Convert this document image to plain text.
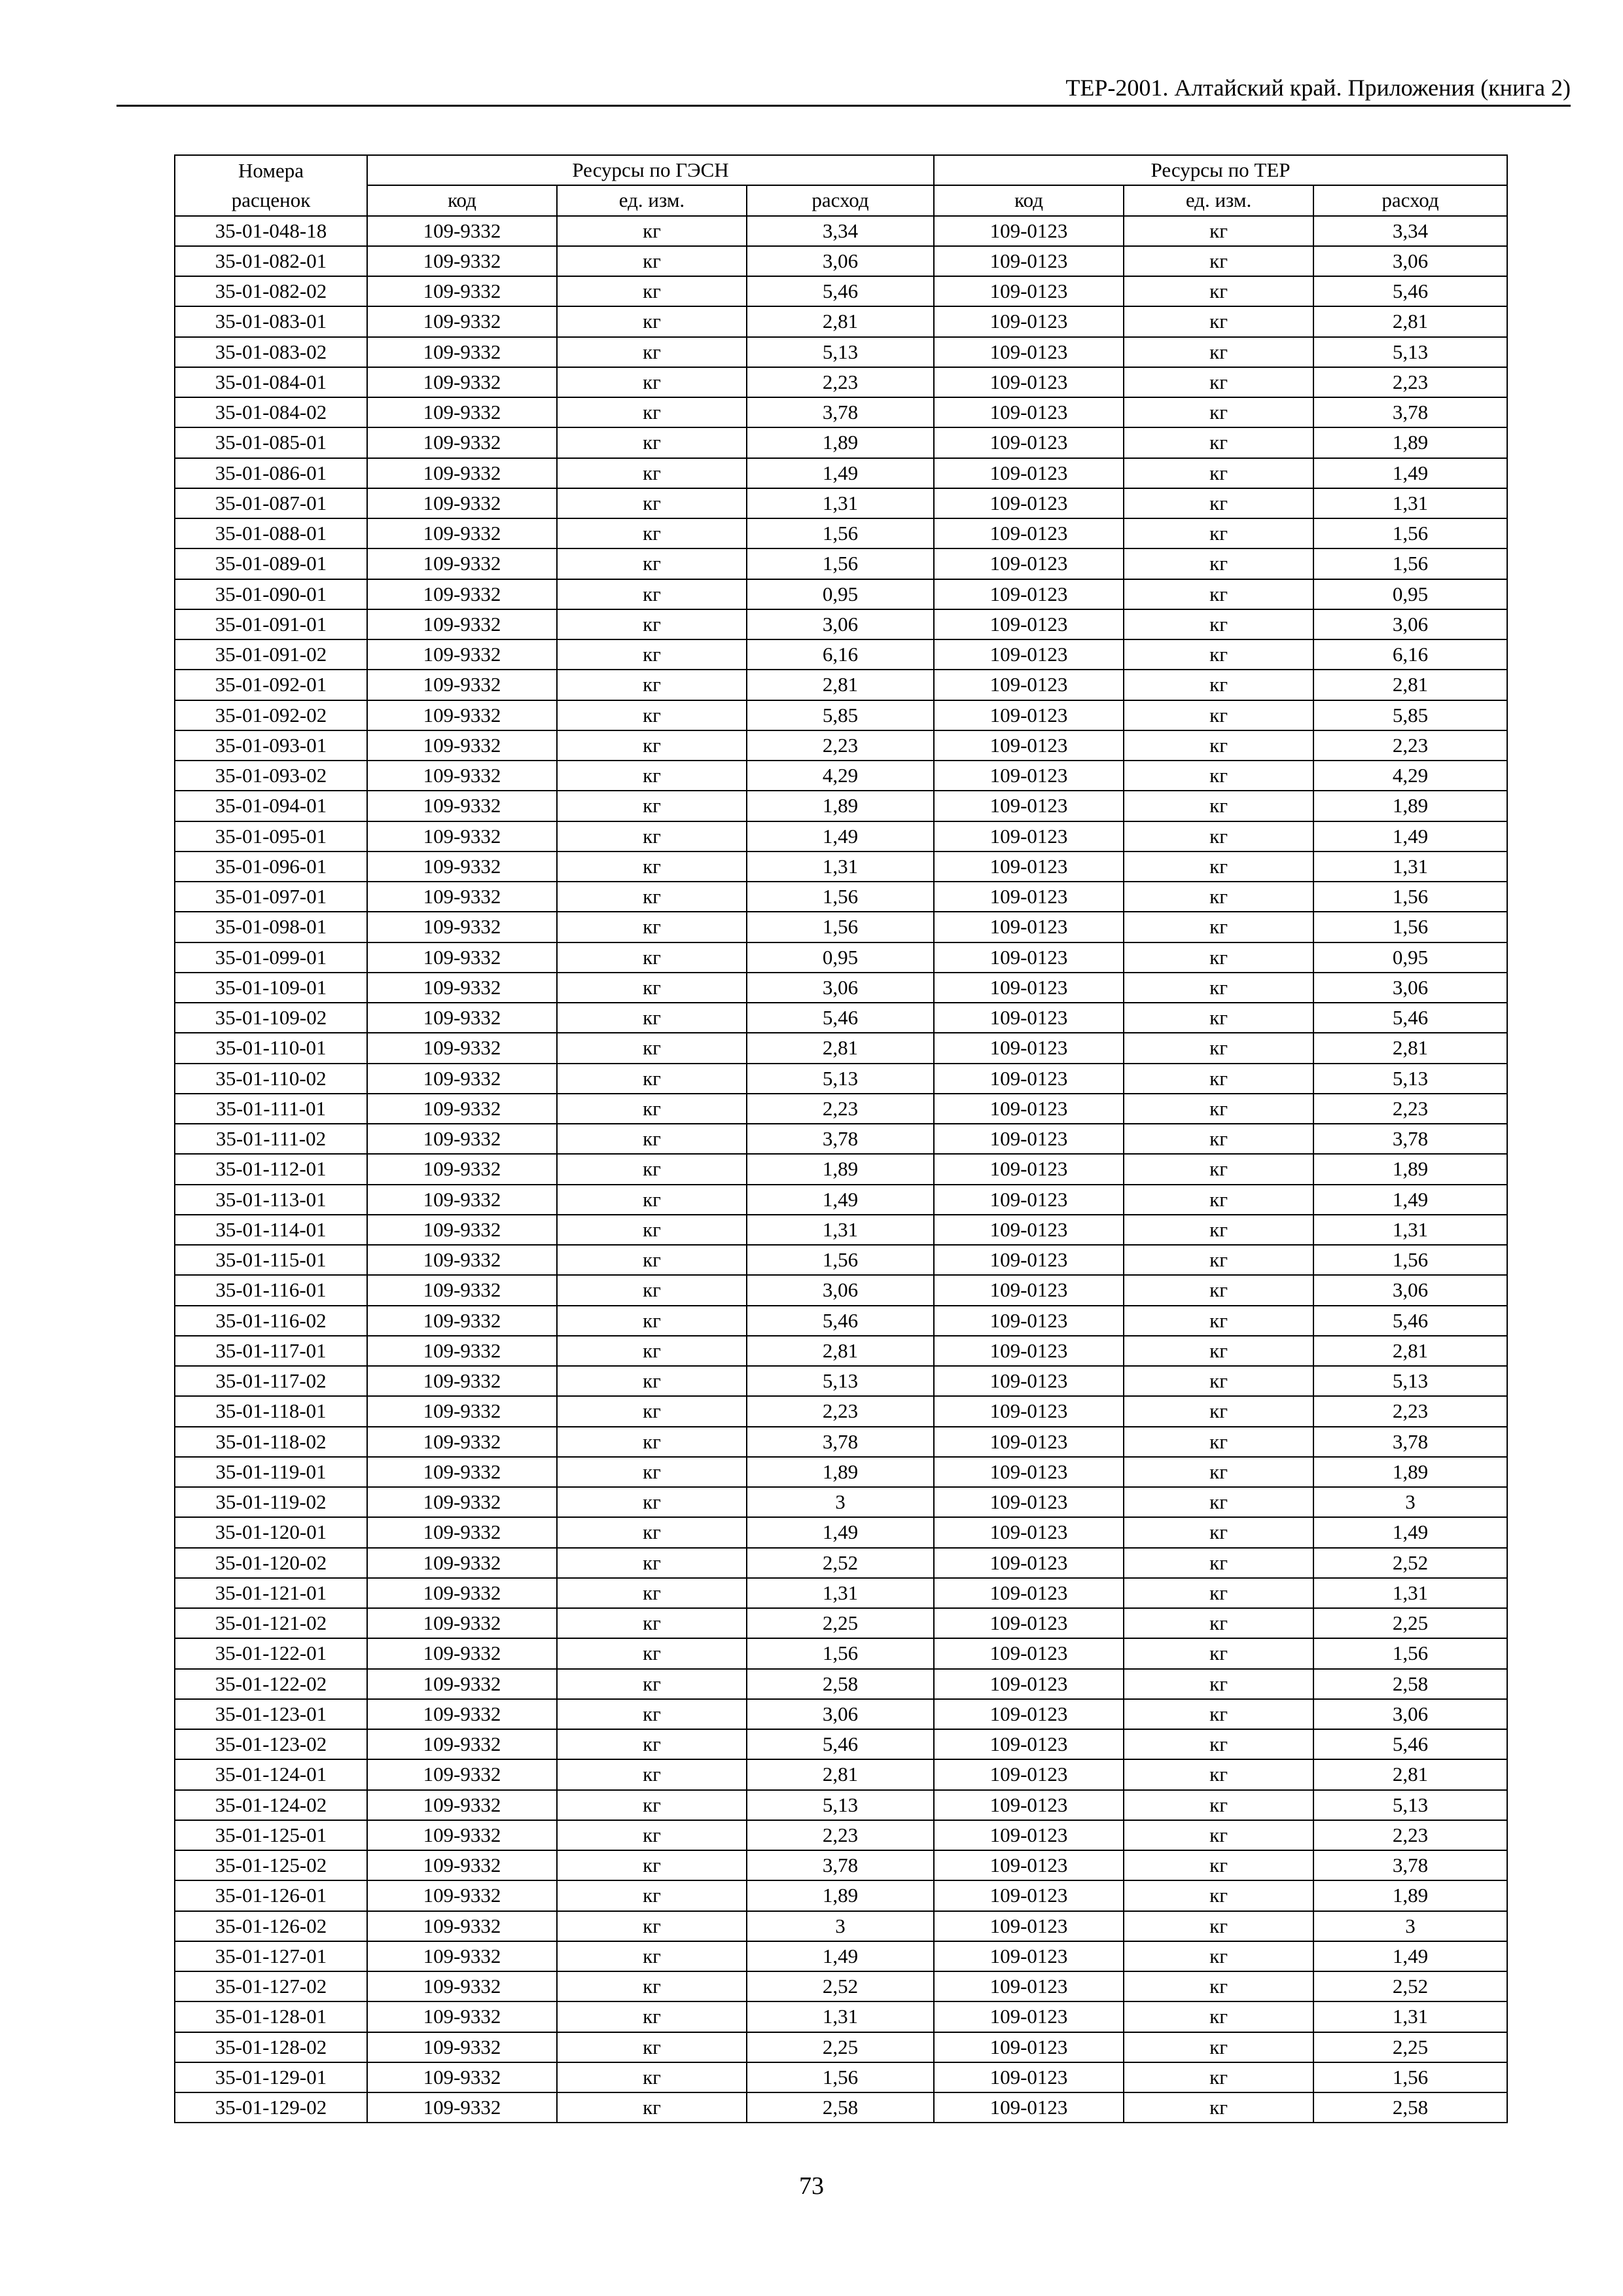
ТЕР-2001. Алтайский край. Приложения (книга 2)
Номера	Ресурсы по ГЭСН			Ресурсы по ТЕР		
расценок	код	ед. изм.	расход	код	ед. изм.	расход
35-01-048-18	109-9332	кг	3,34	109-0123	кг	3,34
35-01-082-01	109-9332	кг	3,06	109-0123	кг	3,06
35-01-082-02	109-9332	кг	5,46	109-0123	кг	5,46
35-01-083-01	109-9332	кг	2,81	109-0123	кг	2,81
35-01-083-02	109-9332	кг	5,13	109-0123	кг	5,13
35-01-084-01	109-9332	кг	2,23	109-0123	кг	2,23
35-01-084-02	109-9332	кг	3,78	109-0123	кг	3,78
35-01-085-01	109-9332	кг	1,89	109-0123	кг	1,89
35-01-086-01	109-9332	кг	1,49	109-0123	кг	1,49
35-01-087-01	109-9332	кг	1,31	109-0123	кг	1,31
35-01-088-01	109-9332	кг	1,56	109-0123	кг	1,56
35-01-089-01	109-9332	кг	1,56	109-0123	кг	1,56
35-01-090-01	109-9332	кг	0,95	109-0123	кг	0,95
35-01-091-01	109-9332	кг	3,06	109-0123	кг	3,06
35-01-091-02	109-9332	кг	6,16	109-0123	кг	6,16
35-01-092-01	109-9332	кг	2,81	109-0123	кг	2,81
35-01-092-02	109-9332	кг	5,85	109-0123	кг	5,85
35-01-093-01	109-9332	кг	2,23	109-0123	кг	2,23
35-01-093-02	109-9332	кг	4,29	109-0123	кг	4,29
35-01-094-01	109-9332	кг	1,89	109-0123	кг	1,89
35-01-095-01	109-9332	кг	1,49	109-0123	кг	1,49
35-01-096-01	109-9332	кг	1,31	109-0123	кг	1,31
35-01-097-01	109-9332	кг	1,56	109-0123	кг	1,56
35-01-098-01	109-9332	кг	1,56	109-0123	кг	1,56
35-01-099-01	109-9332	кг	0,95	109-0123	кг	0,95
35-01-109-01	109-9332	кг	3,06	109-0123	кг	3,06
35-01-109-02	109-9332	кг	5,46	109-0123	кг	5,46
35-01-110-01	109-9332	кг	2,81	109-0123	кг	2,81
35-01-110-02	109-9332	кг	5,13	109-0123	кг	5,13
35-01-111-01	109-9332	кг	2,23	109-0123	кг	2,23
35-01-111-02	109-9332	кг	3,78	109-0123	кг	3,78
35-01-112-01	109-9332	кг	1,89	109-0123	кг	1,89
35-01-113-01	109-9332	кг	1,49	109-0123	кг	1,49
35-01-114-01	109-9332	кг	1,31	109-0123	кг	1,31
35-01-115-01	109-9332	кг	1,56	109-0123	кг	1,56
35-01-116-01	109-9332	кг	3,06	109-0123	кг	3,06
35-01-116-02	109-9332	кг	5,46	109-0123	кг	5,46
35-01-117-01	109-9332	кг	2,81	109-0123	кг	2,81
35-01-117-02	109-9332	кг	5,13	109-0123	кг	5,13
35-01-118-01	109-9332	кг	2,23	109-0123	кг	2,23
35-01-118-02	109-9332	кг	3,78	109-0123	кг	3,78
35-01-119-01	109-9332	кг	1,89	109-0123	кг	1,89
35-01-119-02	109-9332	кг	3	109-0123	кг	3
35-01-120-01	109-9332	кг	1,49	109-0123	кг	1,49
35-01-120-02	109-9332	кг	2,52	109-0123	кг	2,52
35-01-121-01	109-9332	кг	1,31	109-0123	кг	1,31
35-01-121-02	109-9332	кг	2,25	109-0123	кг	2,25
35-01-122-01	109-9332	кг	1,56	109-0123	кг	1,56
35-01-122-02	109-9332	кг	2,58	109-0123	кг	2,58
35-01-123-01	109-9332	кг	3,06	109-0123	кг	3,06
35-01-123-02	109-9332	кг	5,46	109-0123	кг	5,46
35-01-124-01	109-9332	кг	2,81	109-0123	кг	2,81
35-01-124-02	109-9332	кг	5,13	109-0123	кг	5,13
35-01-125-01	109-9332	кг	2,23	109-0123	кг	2,23
35-01-125-02	109-9332	кг	3,78	109-0123	кг	3,78
35-01-126-01	109-9332	кг	1,89	109-0123	кг	1,89
35-01-126-02	109-9332	кг	3	109-0123	кг	3
35-01-127-01	109-9332	кг	1,49	109-0123	кг	1,49
35-01-127-02	109-9332	кг	2,52	109-0123	кг	2,52
35-01-128-01	109-9332	кг	1,31	109-0123	кг	1,31
35-01-128-02	109-9332	кг	2,25	109-0123	кг	2,25
35-01-129-01	109-9332	кг	1,56	109-0123	кг	1,56
35-01-129-02	109-9332	кг	2,58	109-0123	кг	2,58
73
